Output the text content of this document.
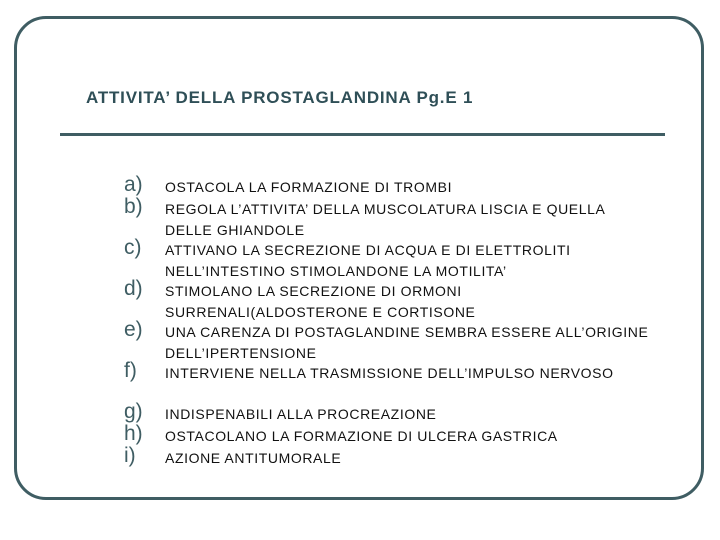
ATTIVITA’ DELLA PROSTAGLANDINA Pg.E 1
a) OSTACOLA LA FORMAZIONE DI TROMBI
b) REGOLA L’ATTIVITA’ DELLA MUSCOLATURA LISCIA E QUELLA DELLE GHIANDOLE
c) ATTIVANO LA SECREZIONE DI ACQUA E DI ELETTROLITI NELL’INTESTINO STIMOLANDONE LA MOTILITA’
d) STIMOLANO LA SECREZIONE DI ORMONI SURRENALI(ALDOSTERONE E CORTISONE
e) UNA CARENZA DI POSTAGLANDINE SEMBRA ESSERE ALL’ORIGINE DELL’IPERTENSIONE
f) INTERVIENE NELLA TRASMISSIONE DELL’IMPULSO NERVOSO
g) INDISPENABILI ALLA PROCREAZIONE
h) OSTACOLANO LA FORMAZIONE DI ULCERA GASTRICA
i) AZIONE ANTITUMORALE
